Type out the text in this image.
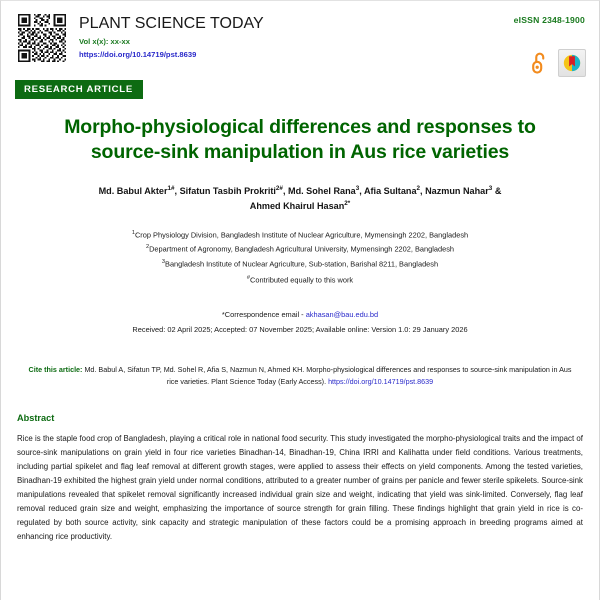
PLANT SCIENCE TODAY
Vol x(x): xx-xx
https://doi.org/10.14719/pst.8639
eISSN 2348-1900
RESEARCH ARTICLE
Morpho-physiological differences and responses to source-sink manipulation in Aus rice varieties
Md. Babul Akter$^{1\#}$, Sifatun Tasbih Prokriti$^{2\#}$, Md. Sohel Rana$^3$, Afia Sultana$^2$, Nazmun Nahar$^3$ &
Ahmed Khairul Hasan$^{2*}$
$^1$Crop Physiology Division, Bangladesh Institute of Nuclear Agriculture, Mymensingh 2202, Bangladesh
$^2$Department of Agronomy, Bangladesh Agricultural University, Mymensingh 2202, Bangladesh
$^3$Bangladesh Institute of Nuclear Agriculture, Sub-station, Barishal 8211, Bangladesh
#Contributed equally to this work
*Correspondence email - akhasan@bau.edu.bd
Received: 02 April 2025; Accepted: 07 November 2025; Available online: Version 1.0: 29 January 2026
Cite this article: Md. Babul A, Sifatun TP, Md. Sohel R, Afia S, Nazmun N, Ahmed KH. Morpho-physiological differences and responses to source-sink manipulation in Aus rice varieties. Plant Science Today (Early Access). https://doi.org/10.14719/pst.8639
Abstract
Rice is the staple food crop of Bangladesh, playing a critical role in national food security. This study investigated the morpho-physiological traits and the impact of source-sink manipulations on grain yield in four rice varieties Binadhan-14, Binadhan-19, China IRRI and Kalihatta under field conditions. Various treatments, including partial spikelet and flag leaf removal at different growth stages, were applied to assess their effects on yield components. Among the tested varieties, Binadhan-19 exhibited the highest grain yield under normal conditions, attributed to a greater number of grains per panicle and fewer sterile spikelets. Source-sink manipulations revealed that spikelet removal significantly increased individual grain size and weight, indicating that yield was sink-limited. Conversely, flag leaf removal reduced grain size and weight, emphasizing the importance of source strength for grain filling. These findings highlight that grain yield in rice is co-regulated by both source activity, sink capacity and strategic manipulation of these factors could be a promising approach in breeding programs aimed at enhancing rice productivity.
